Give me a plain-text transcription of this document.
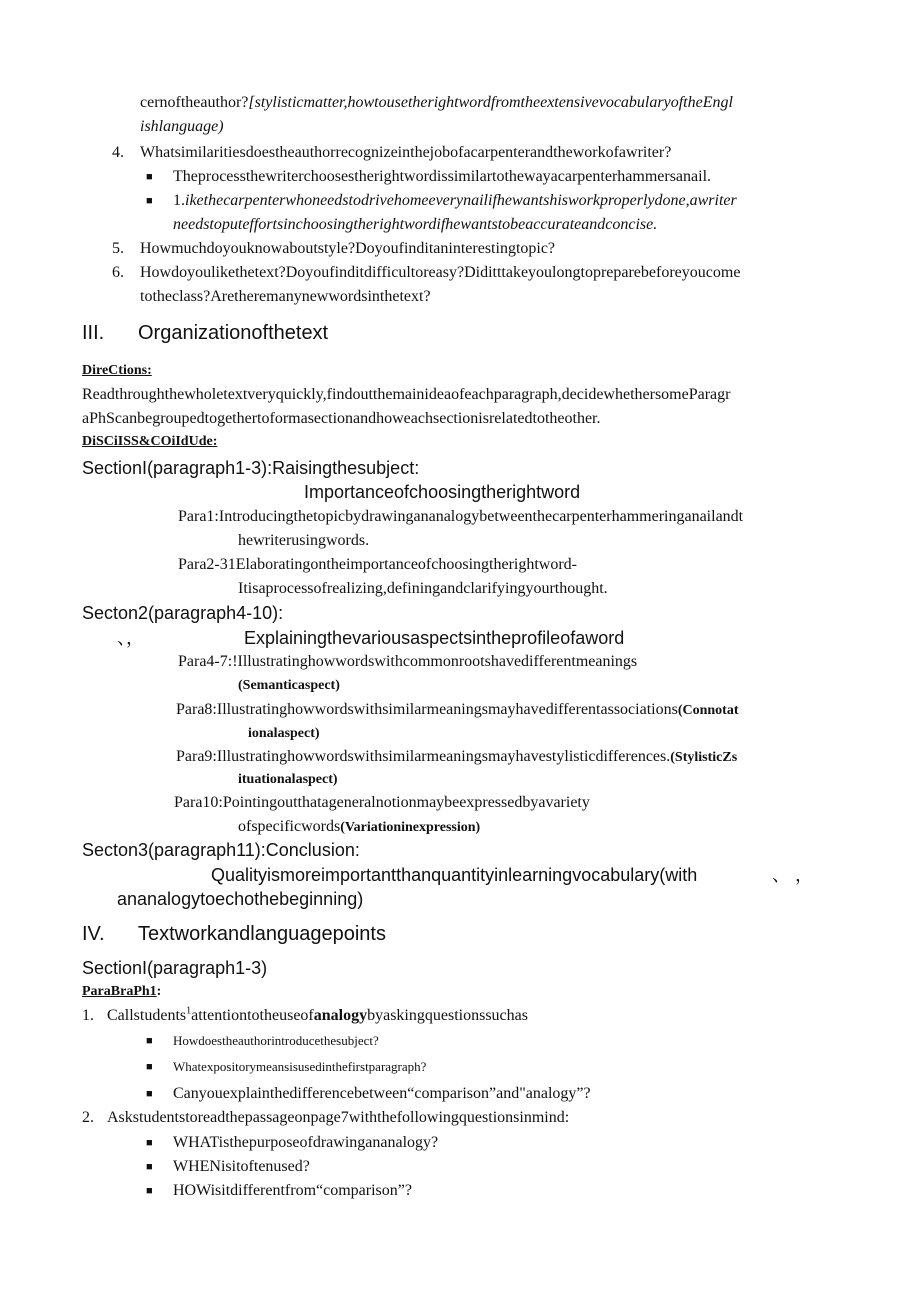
cernoftheauthor?[stylisticmatter,howtousetherightwordfromtheextensivevocabularyoftheEngl
ishlanguage)
4. Whatsimilaritiesdoestheauthorrecognizeinthejobofacarpenterandtheworkofawriter?
■ Theprocessthewriterchoosestherightwordissimilartothewayacarpenterhammersanail.
■ 1.ikethecarpenterwhoneedstodrivehomeeverynailifhewantshisworkproperlydone,awriter
needstoputeffortsinchoosingtherightwordifhewantstobeaccurateandconcise.
5. Howmuchdoyouknowaboutstyle?Doyoufinditaninterestingtopic?
6. Howdoyoulikethetext?Doyoufinditdifficultoreasy?Diditttakeyoulongtopreparebeforeyoucome
totheclass?Aretheremanynewwordsinthetext?
III. Organizationofthetext
DireCtions:
Readthroughthewholetextveryquickly,findoutthemainideaofeachparagraph,decidewhethersomeParagr
aPhScanbegroupedtogethertoformasectionandhoweachsectionisrelatedtotheother.
DiSCiISS&COiIdUde:
SectionI(paragraph1-3):Raisingthesubject:
Importanceofchoosingtherightword
Para1:Introducingthetopicbydrawingananalogybetweenthecarpenterhammeringanailandt
hewriterusingwords.
Para2-31Elaboratingontheimportanceofchoosingtherightword-
Itisaprocessofrealizing,definingandclarifyingyourthought.
Secton2(paragraph4-10):
、，	Explainingthevariousaspectsintheprofileofaword
Para4-7:!Illustratinghowwordswithcommonrootshavedifferentmeanings
(Semanticaspect)
Para8:Illustratinghowwordswithsimilarmeaningsmayhavedifferentassociations(Connotat
ionalaspect)
Para9:Illustratinghowwordswithsimilarmeaningsmayhavestylisticdifferences.(StylisticZs
ituationalaspect)
Para10:Pointingoutthatageneralnotionmaybeexpressedbyavariety
ofspecificwords(Variationinexpression)
Secton3(paragraph11):Conclusion:
Qualityismoreimportantthanquantityinlearningvocabulary(with	、 ，
ananalogytoechothebeginning)
IV. Textworkandlanguagepoints
SectionI(paragraph1-3)
ParaBraPh1:
1. Callstudents$^1$attentiontotheuseofanalogybyaskingquestionssuchas
■ Howdoestheauthorintroducethesubject?
■ Whatexpositorymeansisusedinthefirstparagraph?
■ Canyouexplainthedifferencebetween“comparison”and"analogy”?
2. Askstudentstoreadthepassageonpage7withthefollowingquestionsinmind:
■ WHATisthepurposeofdrawingananalogy?
■ WHENisitoftenused?
■ HOWisitdifferentfrom“comparison”?
